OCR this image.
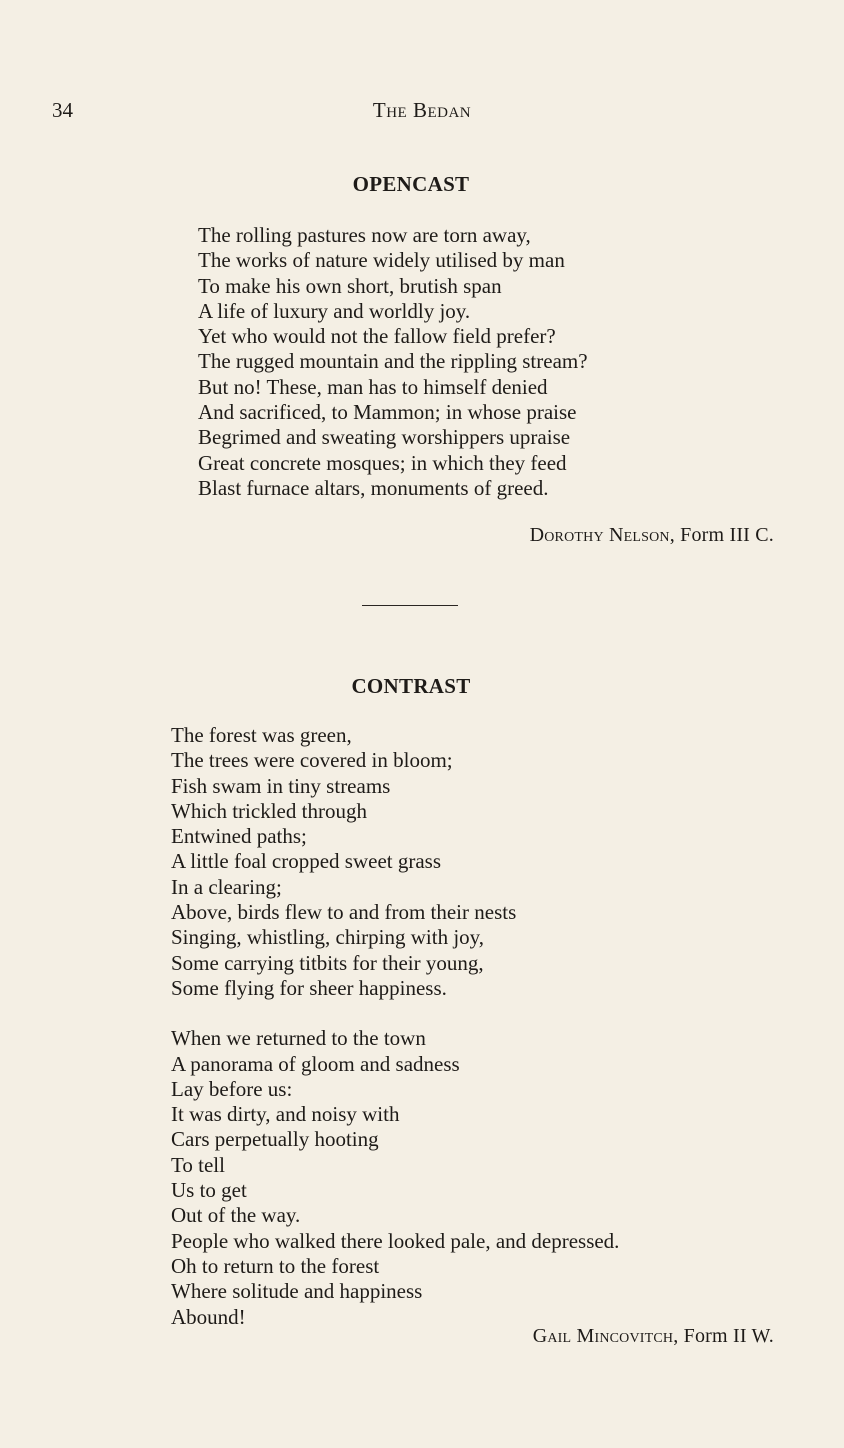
34	The Bedan
OPENCAST
The rolling pastures now are torn away,
The works of nature widely utilised by man
To make his own short, brutish span
A life of luxury and worldly joy.
Yet who would not the fallow field prefer?
The rugged mountain and the rippling stream?
But no! These, man has to himself denied
And sacrificed, to Mammon; in whose praise
Begrimed and sweating worshippers upraise
Great concrete mosques; in which they feed
Blast furnace altars, monuments of greed.
Dorothy Nelson, Form III C.
CONTRAST
The forest was green,
The trees were covered in bloom;
Fish swam in tiny streams
Which trickled through
Entwined paths;
A little foal cropped sweet grass
In a clearing;
Above, birds flew to and from their nests
Singing, whistling, chirping with joy,
Some carrying titbits for their young,
Some flying for sheer happiness.
When we returned to the town
A panorama of gloom and sadness
Lay before us:
It was dirty, and noisy with
Cars perpetually hooting
To tell
Us to get
Out of the way.
People who walked there looked pale, and depressed.
Oh to return to the forest
Where solitude and happiness
Abound!
Gail Mincovitch, Form II W.
